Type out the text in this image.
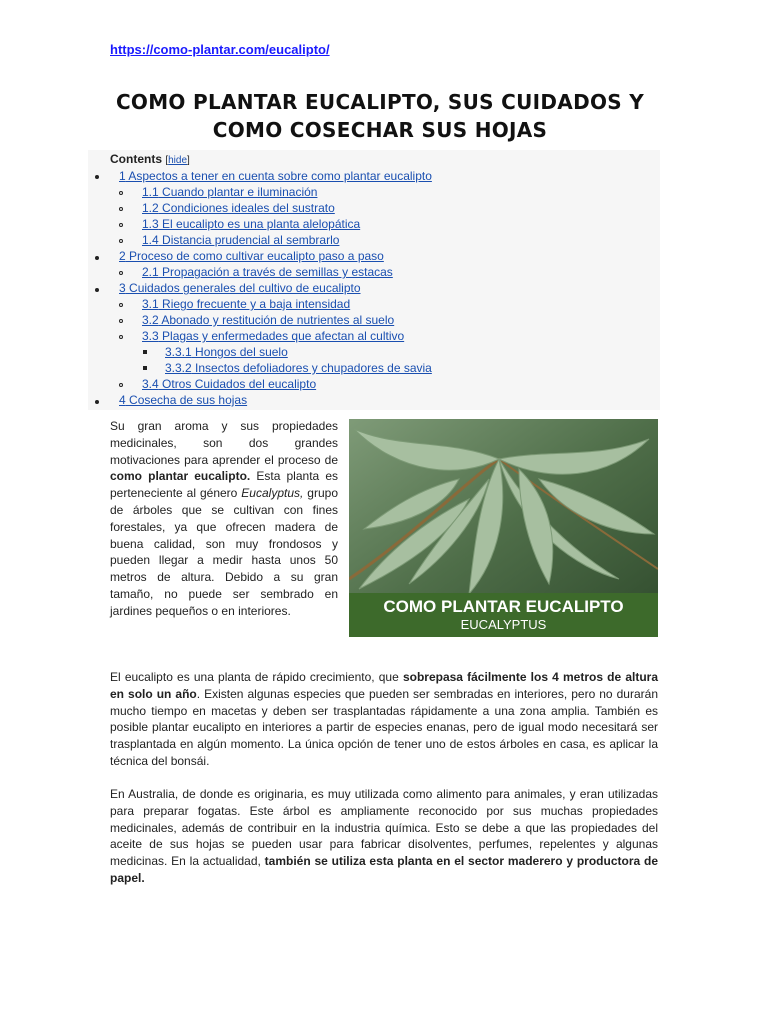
https://como-plantar.com/eucalipto/
COMO PLANTAR EUCALIPTO, SUS CUIDADOS Y
COMO COSECHAR SUS HOJAS
Contents [hide]
1 Aspectos a tener en cuenta sobre como plantar eucalipto
1.1 Cuando plantar e iluminación
1.2 Condiciones ideales del sustrato
1.3 El eucalipto es una planta alelopática
1.4 Distancia prudencial al sembrarlo
2 Proceso de como cultivar eucalipto paso a paso
2.1 Propagación a través de semillas y estacas
3 Cuidados generales del cultivo de eucalipto
3.1 Riego frecuente y a baja intensidad
3.2 Abonado y restitución de nutrientes al suelo
3.3 Plagas y enfermedades que afectan al cultivo
3.3.1 Hongos del suelo
3.3.2 Insectos defoliadores y chupadores de savia
3.4 Otros Cuidados del eucalipto
4 Cosecha de sus hojas

Su gran aroma y sus propiedades medicinales, son dos grandes motivaciones para aprender el proceso de como plantar eucalipto. Esta planta es perteneciente al género Eucalyptus, grupo de árboles que se cultivan con fines forestales, ya que ofrecen madera de buena calidad, son muy frondosos y pueden llegar a medir hasta unos 50 metros de altura. Debido a su gran tamaño, no puede ser sembrado en jardines pequeños o en interiores.	COMO PLANTAR EUCALIPTO
EUCALYPTUS

El eucalipto es una planta de rápido crecimiento, que sobrepasa fácilmente los 4 metros de altura en solo un año. Existen algunas especies que pueden ser sembradas en interiores, pero no durarán mucho tiempo en macetas y deben ser trasplantadas rápidamente a una zona amplia. También es posible plantar eucalipto en interiores a partir de especies enanas, pero de igual modo necesitará ser trasplantada en algún momento. La única opción de tener uno de estos árboles en casa, es aplicar la técnica del bonsái.

En Australia, de donde es originaria, es muy utilizada como alimento para animales, y eran utilizadas para preparar fogatas. Este árbol es ampliamente reconocido por sus muchas propiedades medicinales, además de contribuir en la industria química. Esto se debe a que las propiedades del aceite de sus hojas se pueden usar para fabricar disolventes, perfumes, repelentes y algunas medicinas. En la actualidad, también se utiliza esta planta en el sector maderero y productora de papel.
